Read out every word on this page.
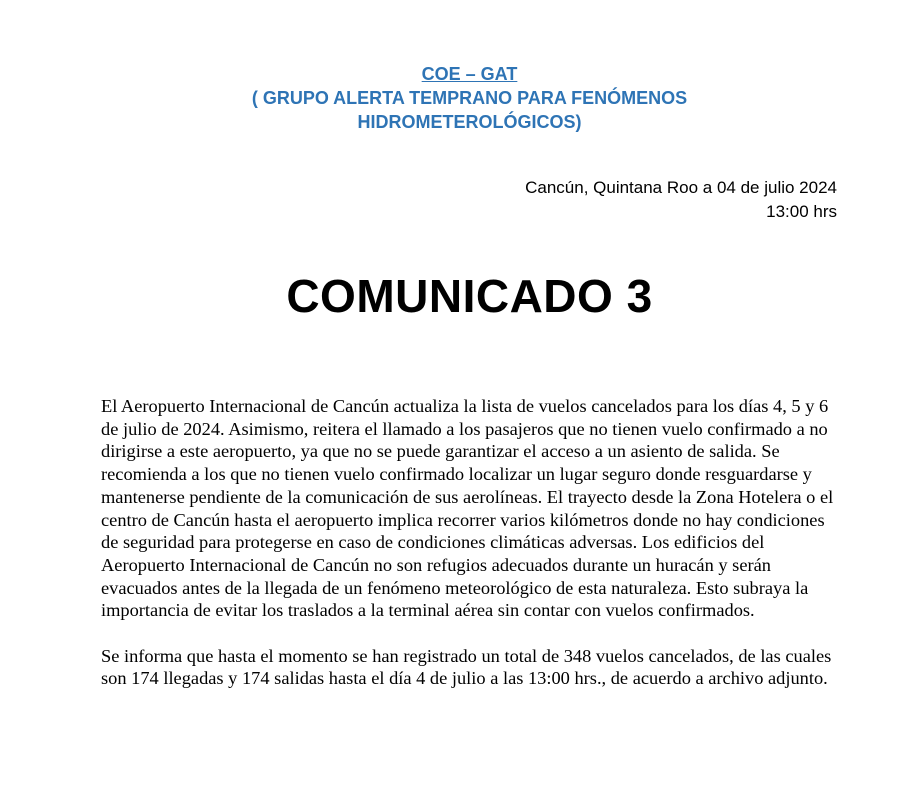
COE – GAT
( GRUPO ALERTA TEMPRANO PARA FENÓMENOS
HIDROMETEROLÓGICOS)
Cancún, Quintana Roo a 04 de julio 2024
13:00 hrs
COMUNICADO 3

El Aeropuerto Internacional de Cancún actualiza la lista de vuelos cancelados para los días 4, 5 y 6 de julio de 2024. Asimismo, reitera el llamado a los pasajeros que no tienen vuelo confirmado a no dirigirse a este aeropuerto, ya que no se puede garantizar el acceso a un asiento de salida. Se recomienda a los que no tienen vuelo confirmado localizar un lugar seguro donde resguardarse y mantenerse pendiente de la comunicación de sus aerolíneas. El trayecto desde la Zona Hotelera o el centro de Cancún hasta el aeropuerto implica recorrer varios kilómetros donde no hay condiciones de seguridad para protegerse en caso de condiciones climáticas adversas. Los edificios del Aeropuerto Internacional de Cancún no son refugios adecuados durante un huracán y serán evacuados antes de la llegada de un fenómeno meteorológico de esta naturaleza. Esto subraya la importancia de evitar los traslados a la terminal aérea sin contar con vuelos confirmados.

Se informa que hasta el momento se han registrado un total de 348 vuelos cancelados, de las cuales son 174 llegadas y 174 salidas hasta el día 4 de julio a las 13:00 hrs., de acuerdo a archivo adjunto.
